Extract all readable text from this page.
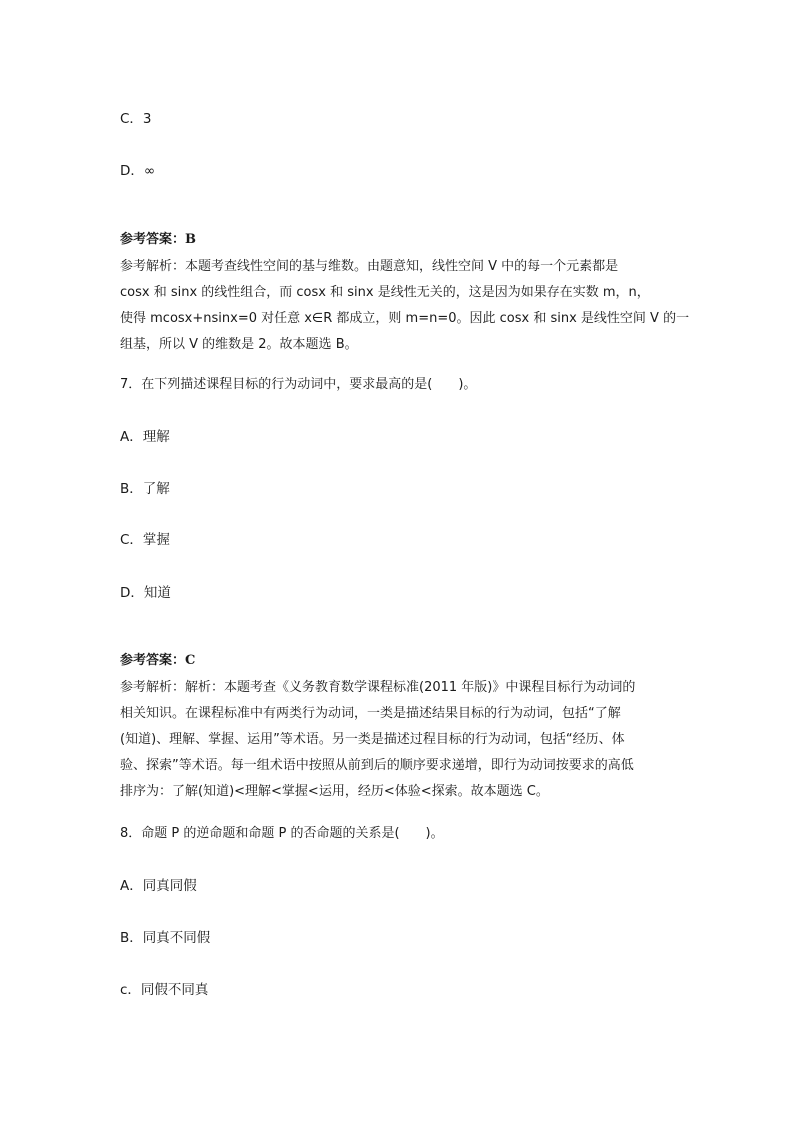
C．3
D．∞
参考答案：B
参考解析：本题考查线性空间的基与维数。由题意知，线性空间 V 中的每一个元素都是
cosx 和 sinx 的线性组合，而 cosx 和 sinx 是线性无关的，这是因为如果存在实数 m，n，
使得 mcosx+nsinx=0 对任意 x∈R 都成立，则 m=n=0。因此 cosx 和 sinx 是线性空间 V 的一
组基，所以 V 的维数是 2。故本题选 B。
7．在下列描述课程目标的行为动词中，要求最高的是(　　)。
A．理解
B．了解
C．掌握
D．知道
参考答案：C
参考解析：解析：本题考查《义务教育数学课程标准(2011 年版)》中课程目标行为动词的
相关知识。在课程标准中有两类行为动词，一类是描述结果目标的行为动词，包括“了解
(知道)、理解、掌握、运用”等术语。另一类是描述过程目标的行为动词，包括“经历、体
验、探索”等术语。每一组术语中按照从前到后的顺序要求递增，即行为动词按要求的高低
排序为：了解(知道)<理解<掌握<运用，经历<体验<探索。故本题选 C。
8．命题 P 的逆命题和命题 P 的否命题的关系是(　　)。
A．同真同假
B．同真不同假
c．同假不同真
